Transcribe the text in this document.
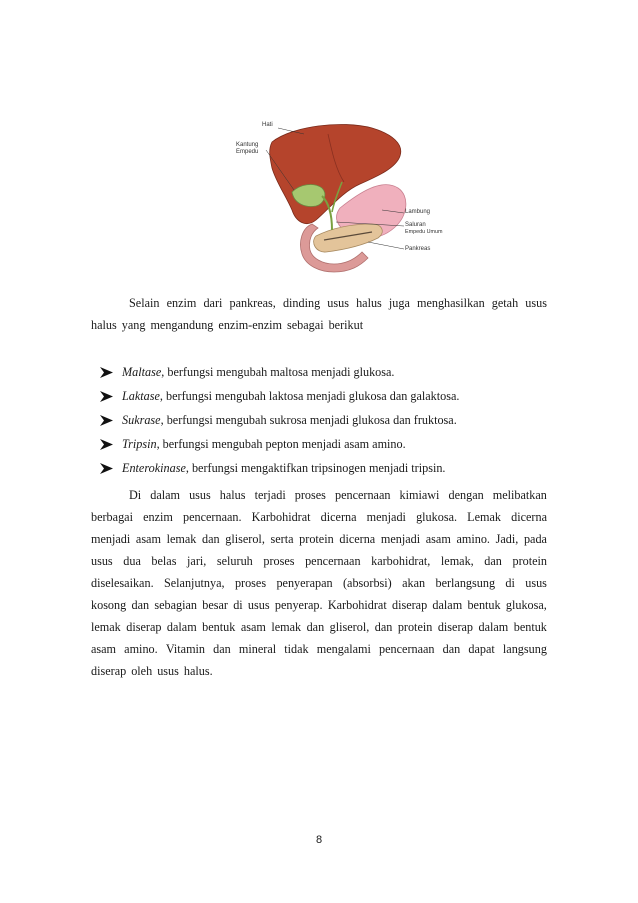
Hati
Kantung
Empedu
Lambung
Saluran
Empedu Umum
Pankreas
Selain enzim dari pankreas, dinding usus halus juga menghasilkan getah usus
halus yang mengandung enzim-enzim sebagai berikut
Maltase , berfungsi mengubah maltosa menjadi glukosa.
Laktase , berfungsi mengubah laktosa menjadi glukosa dan galaktosa.
Sukrase , berfungsi mengubah sukrosa menjadi glukosa dan fruktosa.
Tripsin , berfungsi mengubah pepton menjadi asam amino.
Enterokinase , berfungsi mengaktifkan tripsinogen menjadi tripsin.
Di dalam usus halus terjadi proses pencernaan kimiawi dengan melibatkan
berbagai enzim pencernaan. Karbohidrat dicerna menjadi glukosa. Lemak dicerna
menjadi asam lemak dan gliserol, serta protein dicerna menjadi asam amino. Jadi, pada
usus dua belas jari, seluruh proses pencernaan karbohidrat, lemak, dan protein
diselesaikan. Selanjutnya, proses penyerapan (absorbsi) akan berlangsung di usus
kosong dan sebagian besar di usus penyerap. Karbohidrat diserap dalam bentuk glukosa,
lemak diserap dalam bentuk asam lemak dan gliserol, dan protein diserap dalam bentuk
asam amino. Vitamin dan mineral tidak mengalami pencernaan dan dapat langsung
diserap oleh usus halus.
8
